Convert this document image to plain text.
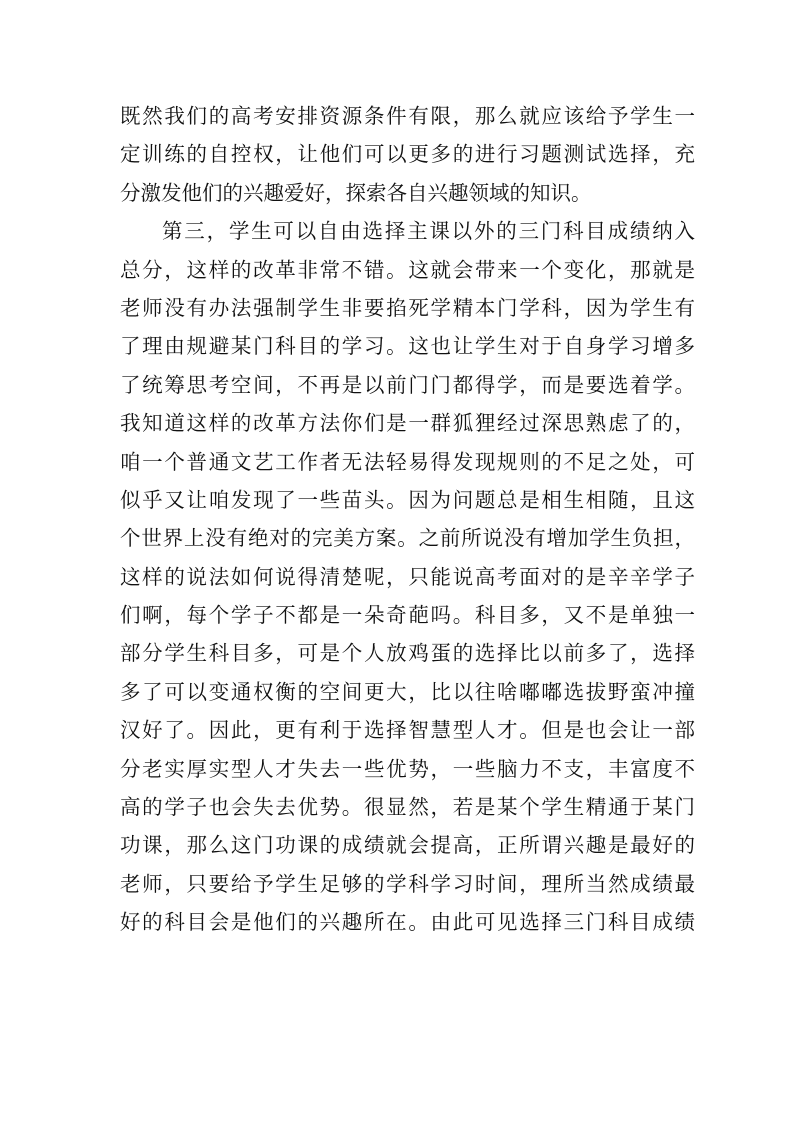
既然我们的高考安排资源条件有限，那么就应该给予学生一
定训练的自控权，让他们可以更多的进行习题测试选择，充
分激发他们的兴趣爱好，探索各自兴趣领域的知识。
第三，学生可以自由选择主课以外的三门科目成绩纳入
总分，这样的改革非常不错。这就会带来一个变化，那就是
老师没有办法强制学生非要掐死学精本门学科，因为学生有
了理由规避某门科目的学习。这也让学生对于自身学习增多
了统筹思考空间，不再是以前门门都得学，而是要选着学。
我知道这样的改革方法你们是一群狐狸经过深思熟虑了的，
咱一个普通文艺工作者无法轻易得发现规则的不足之处，可
似乎又让咱发现了一些苗头。因为问题总是相生相随，且这
个世界上没有绝对的完美方案。之前所说没有增加学生负担，
这样的说法如何说得清楚呢，只能说高考面对的是辛辛学子
们啊，每个学子不都是一朵奇葩吗。科目多，又不是单独一
部分学生科目多，可是个人放鸡蛋的选择比以前多了，选择
多了可以变通权衡的空间更大，比以往啥嘟嘟选拔野蛮冲撞
汉好了。因此，更有利于选择智慧型人才。但是也会让一部
分老实厚实型人才失去一些优势，一些脑力不支，丰富度不
高的学子也会失去优势。很显然，若是某个学生精通于某门
功课，那么这门功课的成绩就会提高，正所谓兴趣是最好的
老师，只要给予学生足够的学科学习时间，理所当然成绩最
好的科目会是他们的兴趣所在。由此可见选择三门科目成绩
